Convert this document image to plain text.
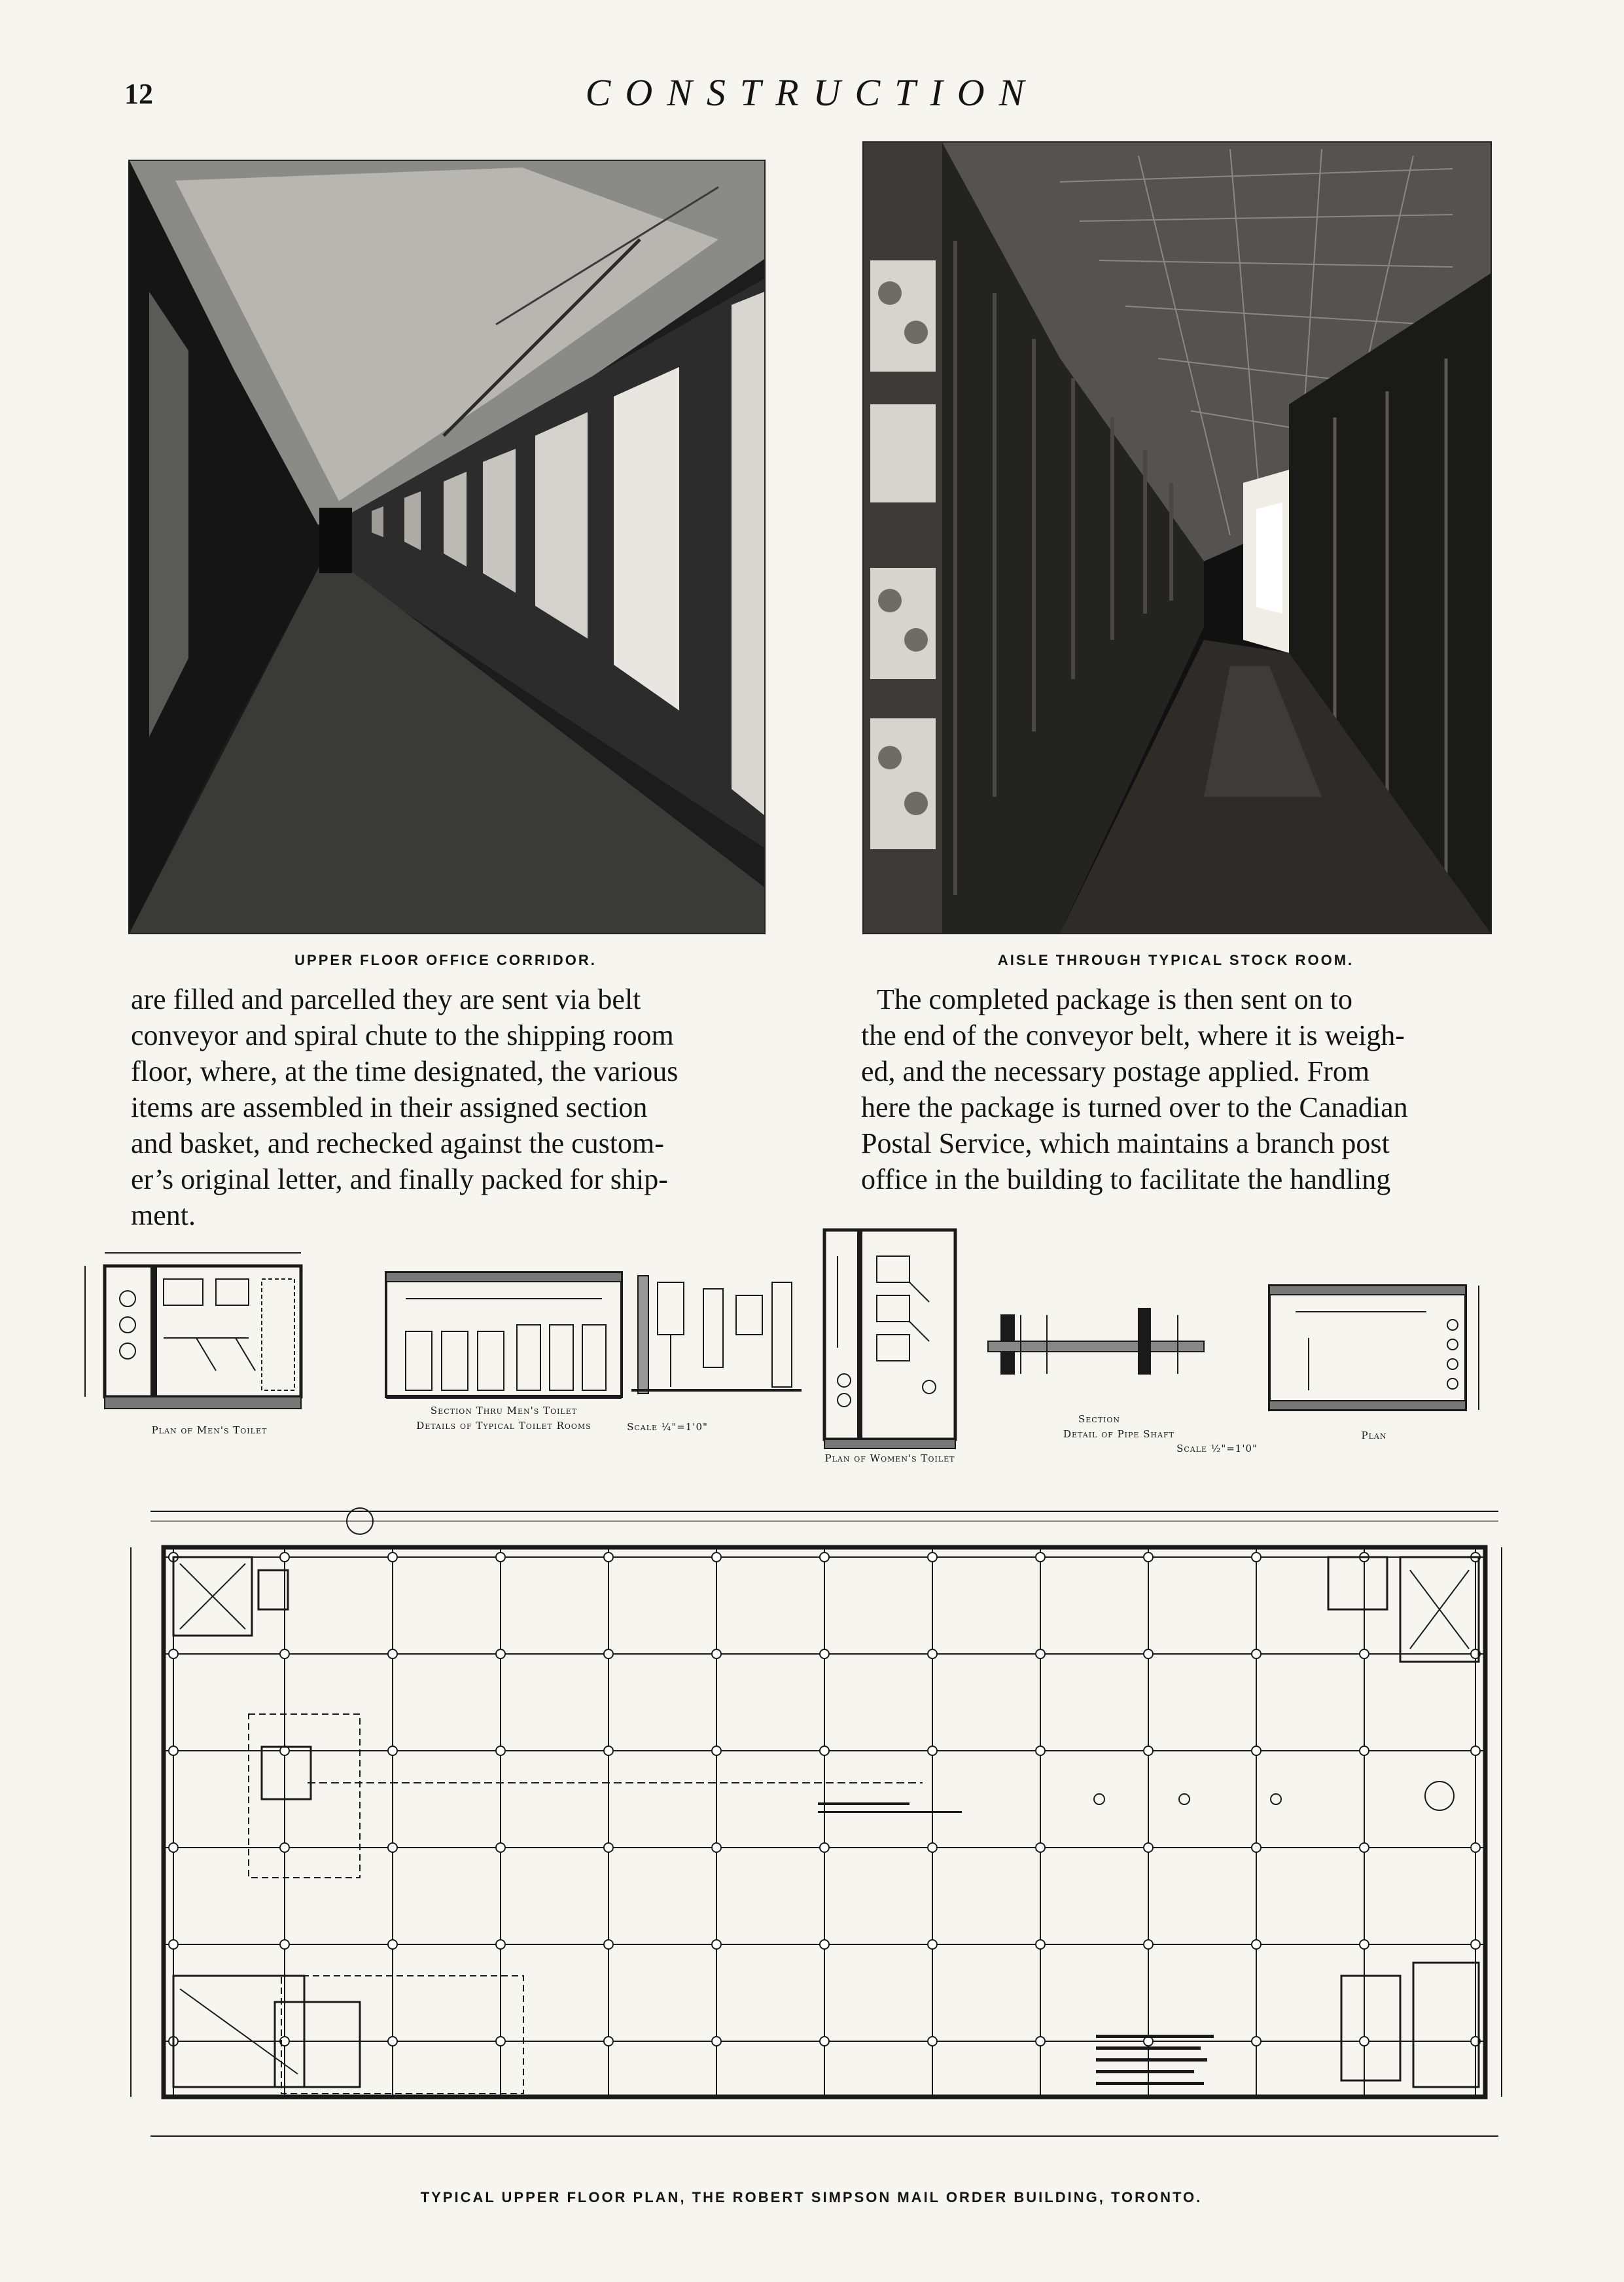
12	CONSTRUCTION
UPPER FLOOR OFFICE CORRIDOR.	AISLE THROUGH TYPICAL STOCK ROOM.
are filled and parcelled they are sent via belt
conveyor and spiral chute to the shipping room
floor, where, at the time designated, the various
items are assembled in their assigned section
and basket, and rechecked against the custom-
er’s original letter, and finally packed for ship-
ment.
The completed package is then sent on to
the end of the conveyor belt, where it is weigh-
ed, and the necessary postage applied. From
here the package is turned over to the Canadian
Postal Service, which maintains a branch post
office in the building to facilitate the handling
Plan of Men's Toilet
Section Thru Men's Toilet
Details of Typical Toilet Rooms	Scale ¼"=1'0"
Plan of Women's Toilet
Section
Detail of Pipe Shaft
Scale ½"=1'0"
Plan
TYPICAL UPPER FLOOR PLAN, THE ROBERT SIMPSON MAIL ORDER BUILDING, TORONTO.
